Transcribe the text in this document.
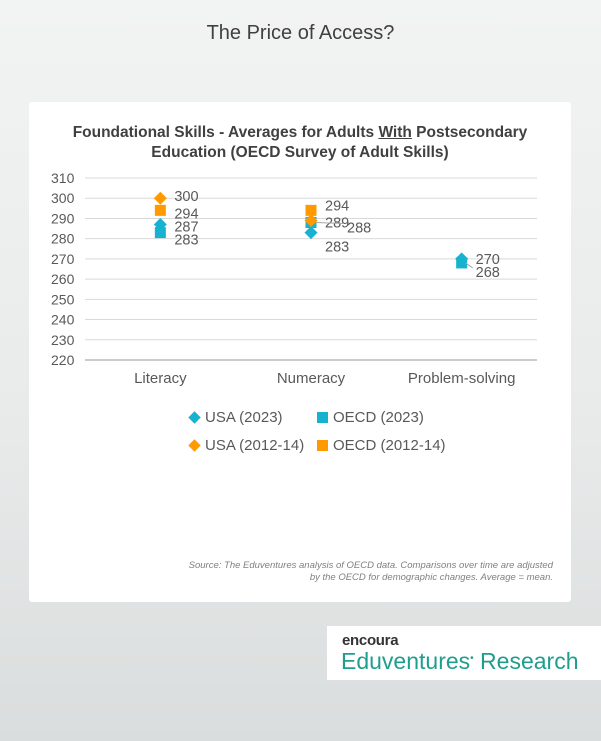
The Price of Access?
Foundational Skills - Averages for Adults With Postsecondary
Education (OECD Survey of Adult Skills)
310
300
290
280
270
260
250
240
230
220
Literacy	Numeracy	Problem-solving
300
294
287
283
294
289
288
283
270
268
USA (2023)	OECD (2023)
USA (2012-14)	OECD (2012-14)
Source: The Eduventures analysis of OECD data. Comparisons over time are adjusted
by the OECD for demographic changes. Average = mean.
encoura
Eduventures• Research
